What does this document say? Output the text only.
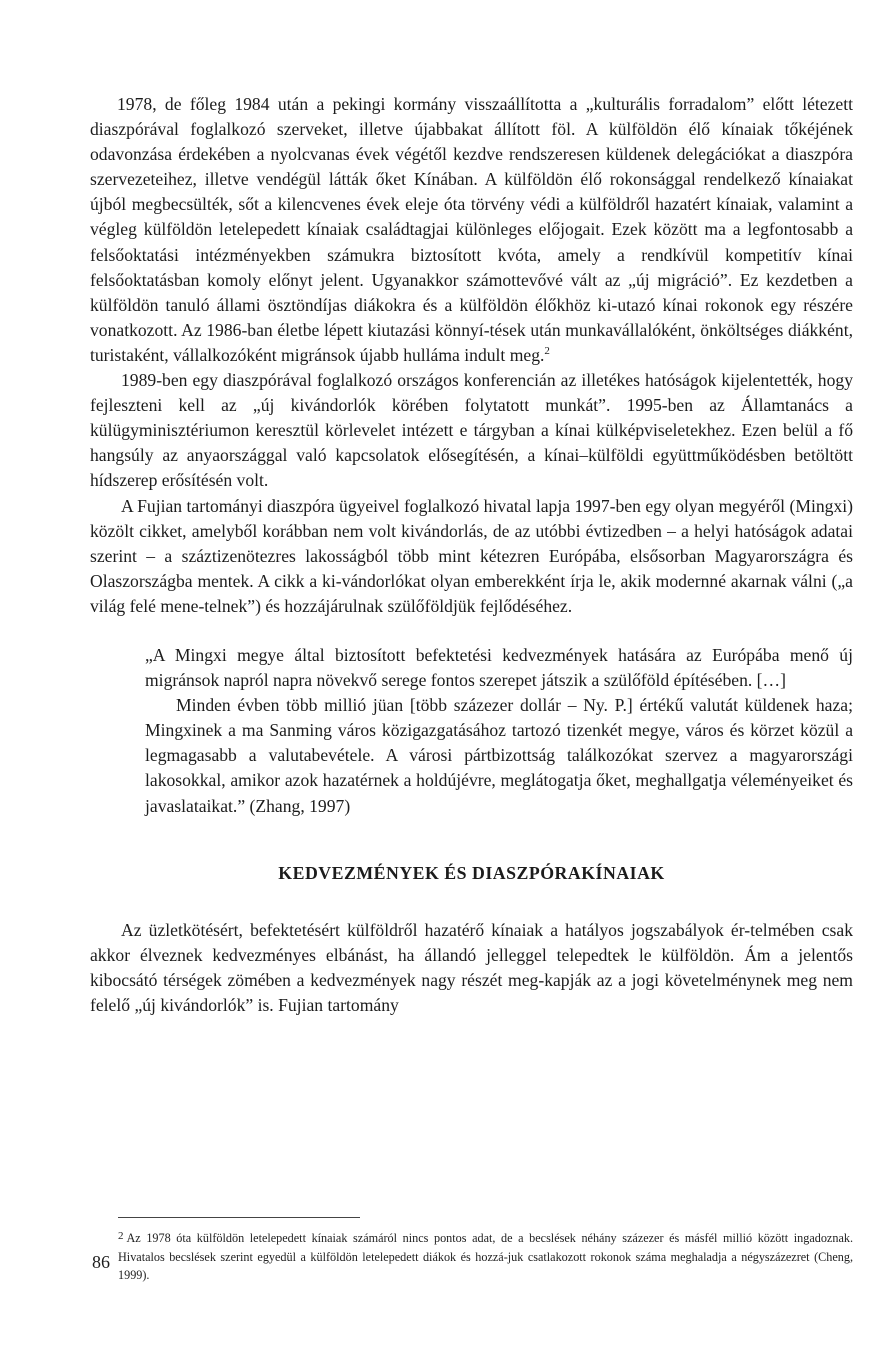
1978, de főleg 1984 után a pekingi kormány visszaállította a „kulturális forradalom” előtt létezett diaszpórával foglalkozó szerveket, illetve újabbakat állított föl. A külföldön élő kínaiak tőkéjének odavonzása érdekében a nyolcvanas évek végétől kezdve rendszeresen küldenek delegációkat a diaszpóra szervezeteihez, illetve vendégül látták őket Kínában. A külföldön élő rokonsággal rendelkező kínaiakat újból megbecsülték, sőt a kilencvenes évek eleje óta törvény védi a külföldről hazatért kínaiak, valamint a végleg külföldön letelepedett kínaiak családtagjai különleges előjogait. Ezek között ma a legfontosabb a felsőoktatási intézményekben számukra biztosított kvóta, amely a rendkívül kompetitív kínai felsőoktatásban komoly előnyt jelent. Ugyanakkor számottevővé vált az „új migráció”. Ez kezdetben a külföldön tanuló állami ösztöndíjas diákokra és a külföldön élőkhöz ki-utazó kínai rokonok egy részére vonatkozott. Az 1986-ban életbe lépett kiutazási könnyí-tések után munkavállalóként, önköltséges diákként, turistaként, vállalkozóként migránsok újabb hulláma indult meg.$^2$

1989-ben egy diaszpórával foglalkozó országos konferencián az illetékes hatóságok kijelentették, hogy fejleszteni kell az „új kivándorlók körében folytatott munkát”. 1995-ben az Államtanács a külügyminisztériumon keresztül körlevelet intézett e tárgyban a kínai külképviseletekhez. Ezen belül a fő hangsúly az anyaországgal való kapcsolatok elősegítésén, a kínai–külföldi együttműködésben betöltött hídszerep erősítésén volt.

A Fujian tartományi diaszpóra ügyeivel foglalkozó hivatal lapja 1997-ben egy olyan megyéről (Mingxi) közölt cikket, amelyből korábban nem volt kivándorlás, de az utóbbi évtizedben – a helyi hatóságok adatai szerint – a száztizenötezres lakosságból több mint kétezren Európába, elsősorban Magyarországra és Olaszországba mentek. A cikk a ki-vándorlókat olyan emberekként írja le, akik modernné akarnak válni („a világ felé mene-telnek”) és hozzájárulnak szülőföldjük fejlődéséhez.

„A Mingxi megye által biztosított befektetési kedvezmények hatására az Európába menő új migránsok napról napra növekvő serege fontos szerepet játszik a szülőföld építésében. […]

Minden évben több millió jüan [több százezer dollár – Ny. P.] értékű valutát küldenek haza; Mingxinek a ma Sanming város közigazgatásához tartozó tizenkét megye, város és körzet közül a legmagasabb a valutabevétele. A városi pártbizottság találkozókat szervez a magyarországi lakosokkal, amikor azok hazatérnek a holdújévre, meglátogatja őket, meghallgatja véleményeiket és javaslataikat.” (Zhang, 1997)

KEDVEZMÉNYEK ÉS DIASZPÓRAKÍNAIAK

Az üzletkötésért, befektetésért külföldről hazatérő kínaiak a hatályos jogszabályok ér-telmében csak akkor élveznek kedvezményes elbánást, ha állandó jelleggel telepedtek le külföldön. Ám a jelentős kibocsátó térségek zömében a kedvezmények nagy részét meg-kapják az a jogi követelménynek meg nem felelő „új kivándorlók” is. Fujian tartomány

2 Az 1978 óta külföldön letelepedett kínaiak számáról nincs pontos adat, de a becslések néhány százezer és másfél millió között ingadoznak. Hivatalos becslések szerint egyedül a külföldön letelepedett diákok és hozzá-juk csatlakozott rokonok száma meghaladja a négyszázezret (Cheng, 1999).
86
